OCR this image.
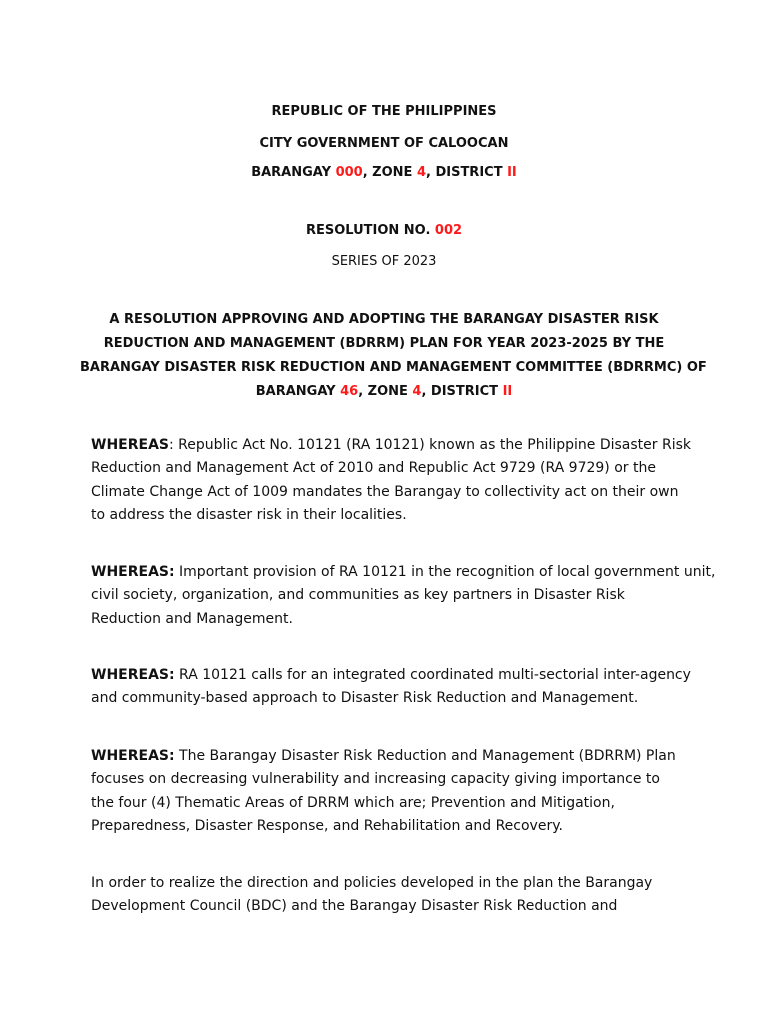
REPUBLIC OF THE PHILIPPINES
CITY GOVERNMENT OF CALOOCAN
BARANGAY 000, ZONE 4, DISTRICT II
RESOLUTION NO. 002
SERIES OF 2023
A RESOLUTION APPROVING AND ADOPTING THE BARANGAY DISASTER RISK
REDUCTION AND MANAGEMENT (BDRRM) PLAN FOR YEAR 2023-2025 BY THE
BARANGAY DISASTER RISK REDUCTION AND MANAGEMENT COMMITTEE (BDRRMC) OF
BARANGAY 46, ZONE 4, DISTRICT II
WHEREAS: Republic Act No. 10121 (RA 10121) known as the Philippine Disaster Risk
Reduction and Management Act of 2010 and Republic Act 9729 (RA 9729) or the
Climate Change Act of 1009 mandates the Barangay to collectivity act on their own
to address the disaster risk in their localities.
WHEREAS: Important provision of RA 10121 in the recognition of local government unit,
civil society, organization, and communities as key partners in Disaster Risk
Reduction and Management.
WHEREAS: RA 10121 calls for an integrated coordinated multi-sectorial inter-agency
and community-based approach to Disaster Risk Reduction and Management.
WHEREAS: The Barangay Disaster Risk Reduction and Management (BDRRM) Plan
focuses on decreasing vulnerability and increasing capacity giving importance to
the four (4) Thematic Areas of DRRM which are; Prevention and Mitigation,
Preparedness, Disaster Response, and Rehabilitation and Recovery.
In order to realize the direction and policies developed in the plan the Barangay
Development Council (BDC) and the Barangay Disaster Risk Reduction and
